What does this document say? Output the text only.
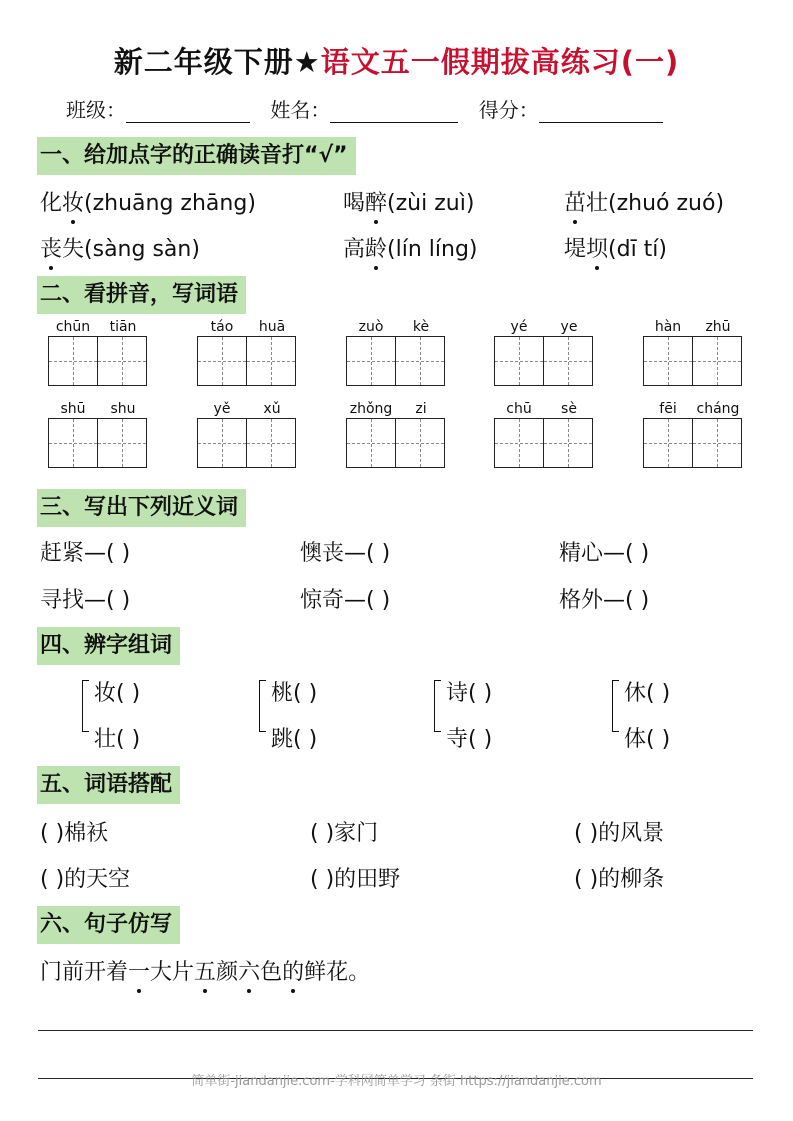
新二年级下册★语文五一假期拔高练习(一)
班级：	姓名：	得分：
一、给加点字的正确读音打“√”
化妆(zhuāng zhāng)	喝醉(zùi zuì)	茁壮(zhuó zuó)
丧失(sàng sàn)	高龄(lín líng)	堤坝(dī tí)
二、看拼音，写词语
chūn	tiān	táo	huā	zuò	kè	yé	ye	hàn	zhū
shū	shu	yě	xǔ	zhǒng	zi	chū	sè	fēi	cháng
三、写出下列近义词
赶紧—( )	懊丧—( )	精心—( )
寻找—( )	惊奇—( )	格外—( )
四、辨字组词
妆( )
壮( )
桃( )
跳( )
诗( )
寺( )
休( )
体( )
五、词语搭配
( )棉袄	( )家门	( )的风景
( )的天空	( )的田野	( )的柳条
六、句子仿写
门前开着一大片五颜六色的鲜花。
简单街-jiandanjie.com-学科网简单学习 条街 https://jiandanjie.com
